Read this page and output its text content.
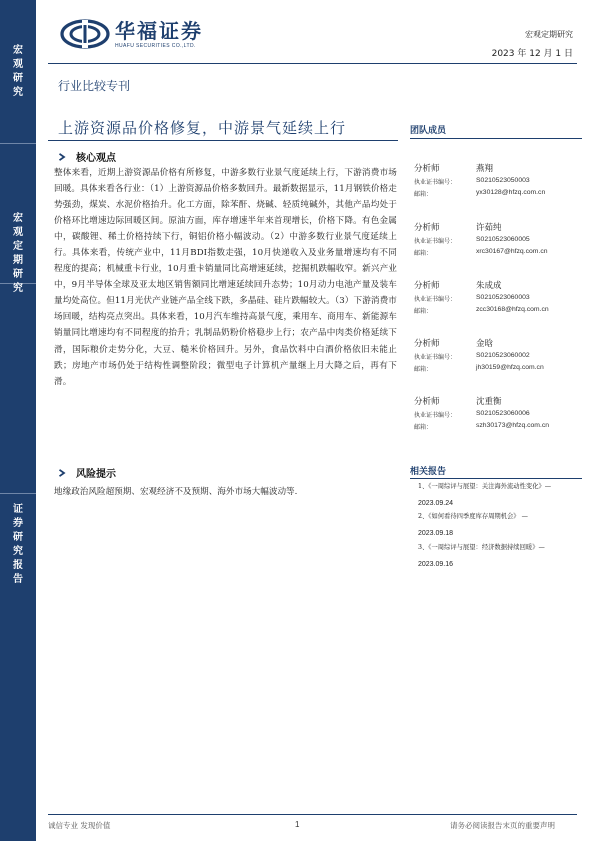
宏
观
研
究
宏
观
定
期
研
究
证
券
研
究
报
告
华福证券
HUAFU SECURITIES CO.,LTD.
宏观定期研究
2023 年 12 月 1 日
行业比较专刊
上游资源品价格修复，中游景气延续上行
核心观点
整体来看，近期上游资源品价格有所修复，中游多数行业景气度延续上行，下游消费市场回暖。具体来看各行业：（1）上游资源品价格多数回升。最新数据显示，11月钢铁价格走势强劲，煤炭、水泥价格抬升。化工方面，除苯酐、烧碱、轻质纯碱外，其他产品均处于价格环比增速边际回暖区间。原油方面，库存增速半年来首现增长，价格下降。有色金属中，碳酸锂、稀土价格持续下行，铜铝价格小幅波动。（2）中游多数行业景气度延续上行。具体来看，传统产业中，11月BDI指数走强，10月快递收入及业务量增速均有不同程度的提高；机械重卡行业，10月重卡销量同比高增速延续，挖掘机跌幅收窄。新兴产业中，9月半导体全球及亚太地区销售额同比增速延续回升态势；10月动力电池产量及装车量均处高位。但11月光伏产业链产品全线下跌，多晶硅、硅片跌幅较大。（3）下游消费市场回暖，结构亮点突出。具体来看，10月汽车维持高景气度，乘用车、商用车、新能源车销量同比增速均有不同程度的抬升；乳制品奶粉价格稳步上行；农产品中肉类价格延续下滑，国际粮价走势分化，大豆、糙米价格回升。另外，食品饮料中白酒价格依旧未能止跌；房地产市场仍处于结构性调整阶段；微型电子计算机产量继上月大降之后，再有下滑。
风险提示
地缘政治风险超预期、宏观经济不及预期、海外市场大幅波动等.
团队成员
分析师	燕翔
执业证书编号：	S0210523050003
邮箱：	yx30128@hfzq.com.cn
分析师	许茹纯
执业证书编号：	S0210523060005
邮箱：	xrc30167@hfzq.com.cn
分析师	朱成成
执业证书编号：	S0210523060003
邮箱：	zcc30168@hfzq.com.cn
分析师	金晗
执业证书编号：	S0210523060002
邮箱：	jh30159@hfzq.com.cn
分析师	沈重衡
执业证书编号：	S0210523060006
邮箱：	szh30173@hfzq.com.cn
相关报告
1、《一周综评与展望：关注海外流动性变化》—
2023.09.24
2、《如何看待四季度库存周期机会》 —
2023.09.18
3、《一周综评与展望：经济数据持续回暖》—
2023.09.16
诚信专业 发现价值	1	请务必阅读报告末页的重要声明
